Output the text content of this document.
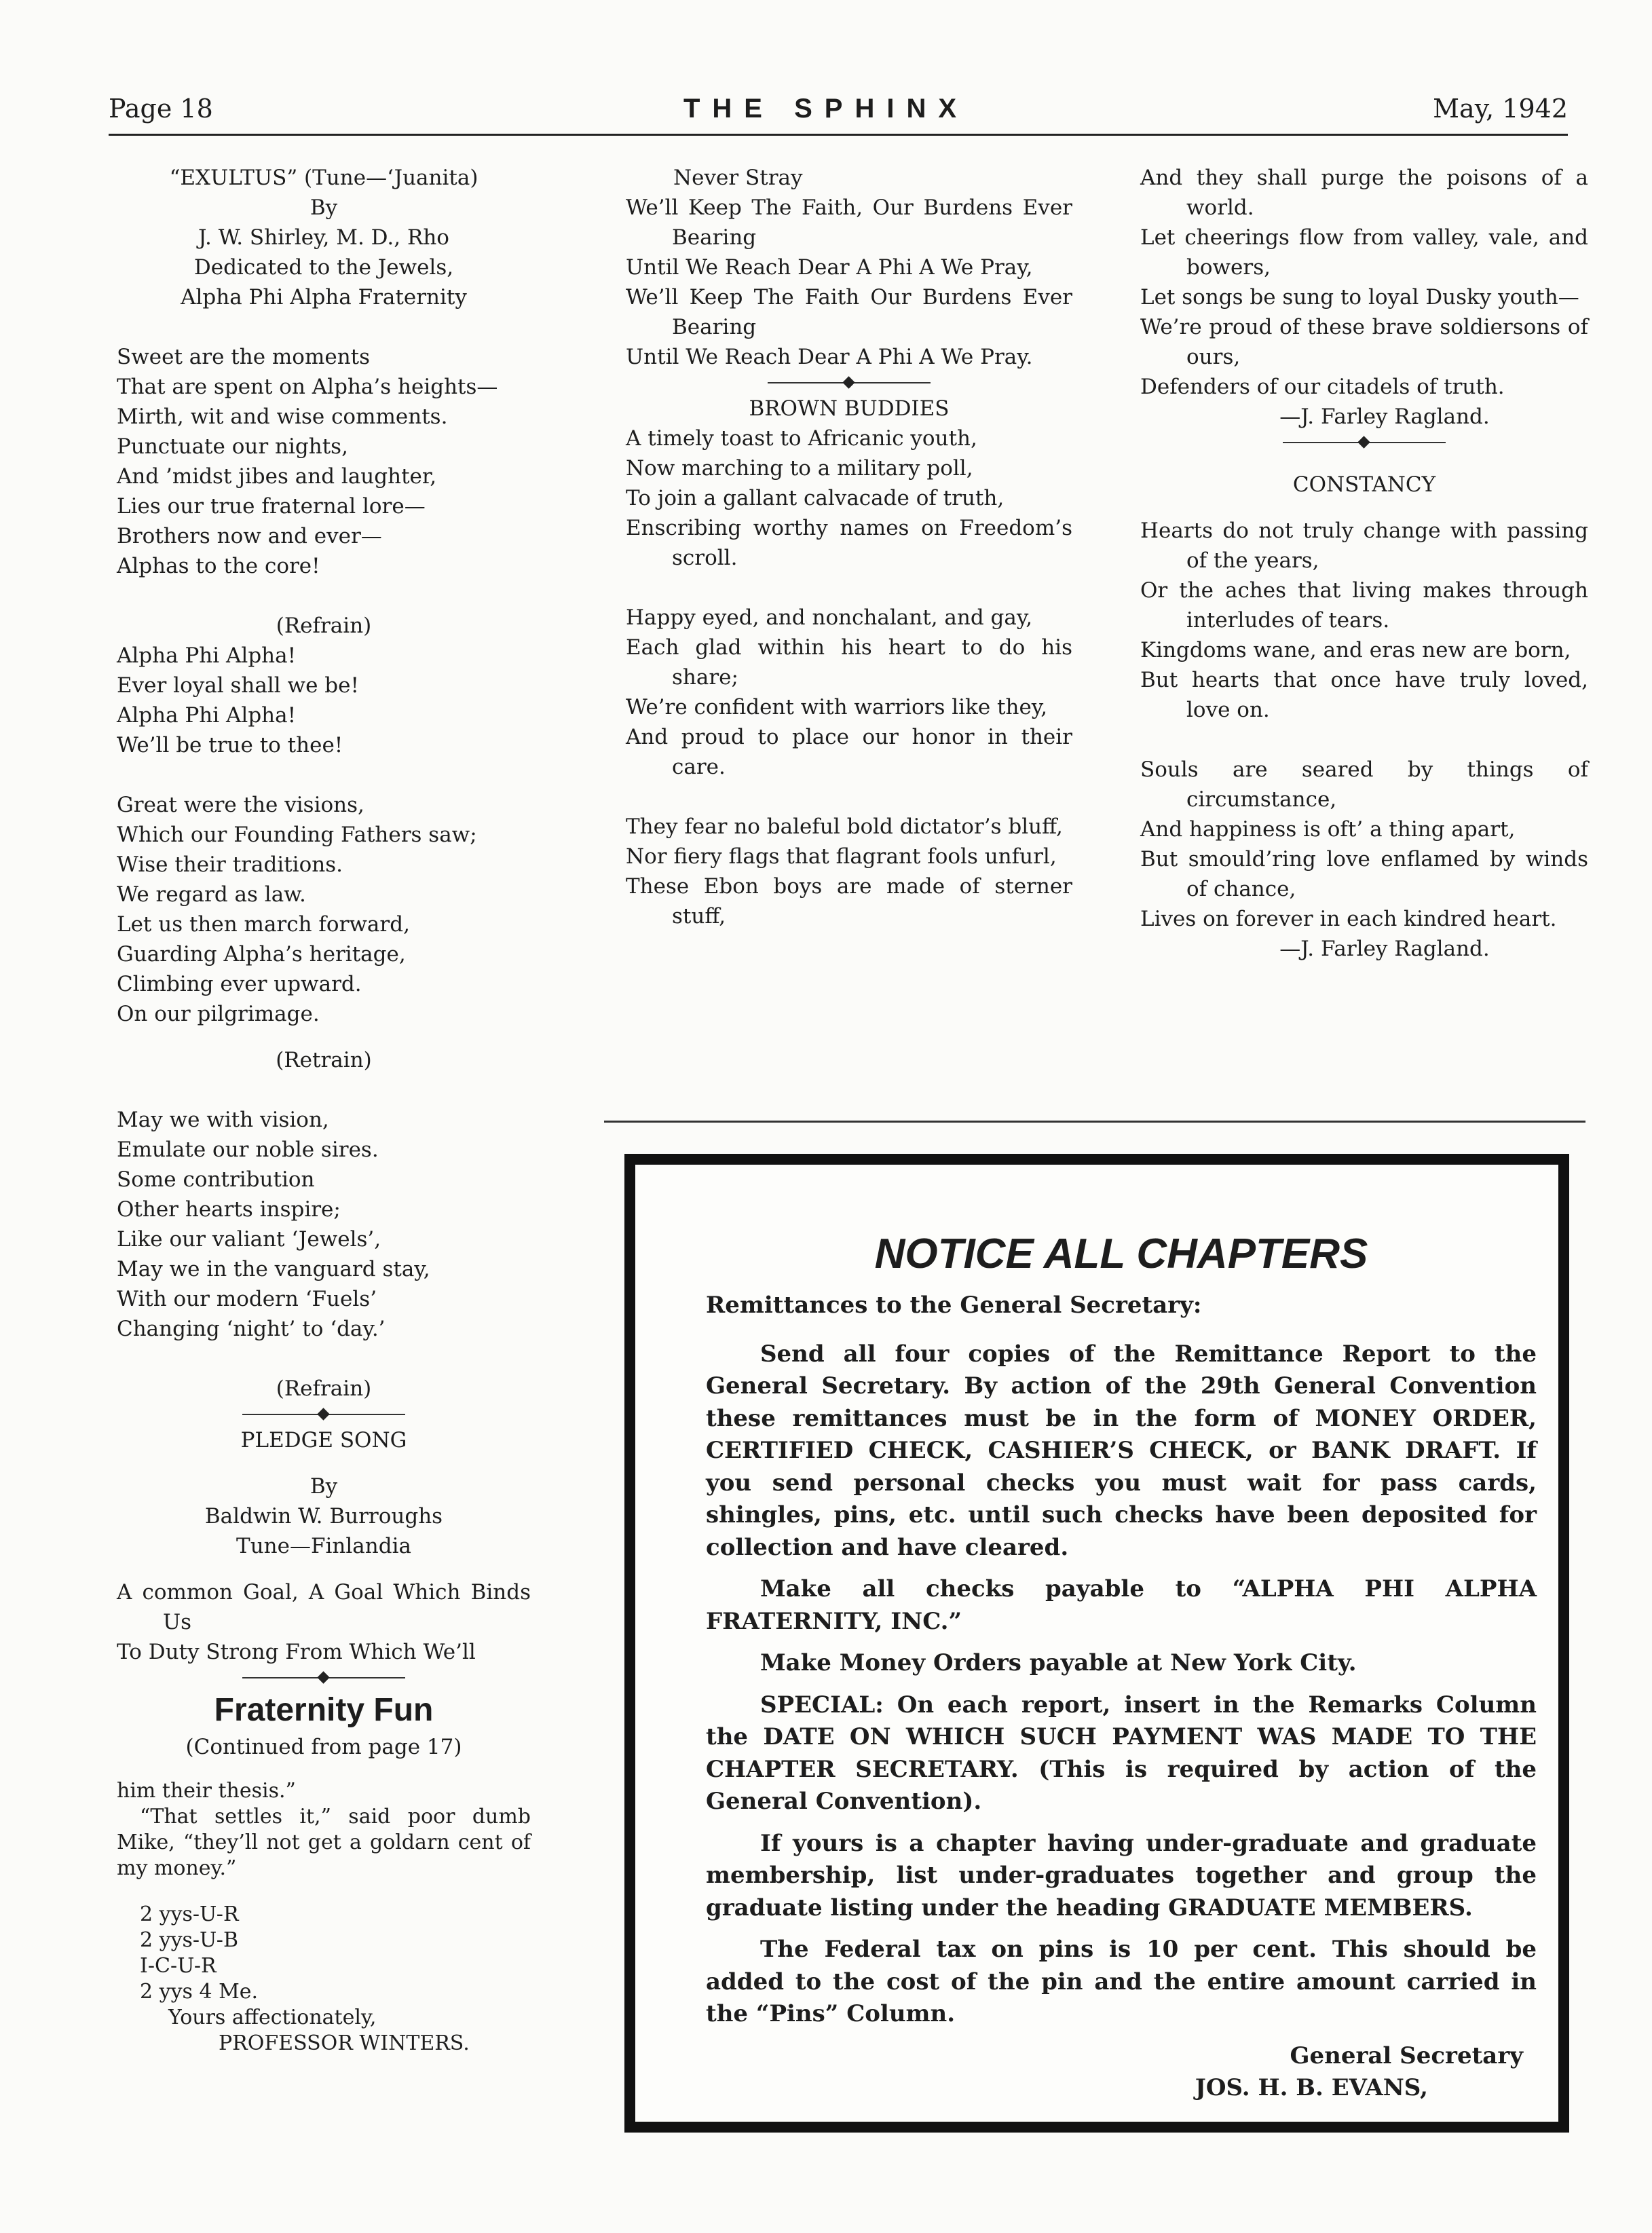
Page 18	THE SPHINX	May, 1942

“EXULTUS” (Tune—‘Juanita)

By

J. W. Shirley, M. D., Rho

Dedicated to the Jewels,

Alpha Phi Alpha Fraternity

Sweet are the moments

That are spent on Alpha’s heights—

Mirth, wit and wise comments.

Punctuate our nights,

And ’midst jibes and laughter,

Lies our true fraternal lore—

Brothers now and ever—

Alphas to the core!

(Refrain)

Alpha Phi Alpha!

Ever loyal shall we be!

Alpha Phi Alpha!

We’ll be true to thee!

Great were the visions,

Which our Founding Fathers saw;

Wise their traditions.

We regard as law.

Let us then march forward,

Guarding Alpha’s heritage,

Climbing ever upward.

On our pilgrimage.

(Retrain)

May we with vision,

Emulate our noble sires.

Some contribution

Other hearts inspire;

Like our valiant ‘Jewels’,

May we in the vanguard stay,

With our modern ‘Fuels’

Changing ‘night’ to ‘day.’

(Refrain)

PLEDGE SONG

By

Baldwin W. Burroughs

Tune—Finlandia

A common Goal, A Goal Which Binds Us

To Duty Strong From Which We’ll

Fraternity Fun

(Continued from page 17)

him their thesis.”

“That settles it,” said poor dumb Mike, “they’ll not get a goldarn cent of my money.”

2 yys-U-R

2 yys-U-B

I-C-U-R

2 yys 4 Me.

Yours affectionately,

PROFESSOR WINTERS.

Never Stray

We’ll Keep The Faith, Our Burdens Ever Bearing

Until We Reach Dear A Phi A We Pray,

We’ll Keep The Faith Our Burdens Ever Bearing

Until We Reach Dear A Phi A We Pray.

BROWN BUDDIES

A timely toast to Africanic youth,

Now marching to a military poll,

To join a gallant calvacade of truth,

Enscribing worthy names on Freedom’s scroll.

Happy eyed, and nonchalant, and gay,

Each glad within his heart to do his share;

We’re confident with warriors like they,

And proud to place our honor in their care.

They fear no baleful bold dictator’s bluff,

Nor fiery flags that flagrant fools unfurl,

These Ebon boys are made of sterner stuff,

And they shall purge the poisons of a world.

Let cheerings flow from valley, vale, and bowers,

Let songs be sung to loyal Dusky youth—

We’re proud of these brave soldiersons of ours,

Defenders of our citadels of truth.

—J. Farley Ragland.

CONSTANCY

Hearts do not truly change with passing of the years,

Or the aches that living makes through interludes of tears.

Kingdoms wane, and eras new are born,

But hearts that once have truly loved, love on.

Souls are seared by things of circumstance,

And happiness is oft’ a thing apart,

But smould’ring love enflamed by winds of chance,

Lives on forever in each kindred heart.

—J. Farley Ragland.

NOTICE ALL CHAPTERS

Remittances to the General Secretary:

Send all four copies of the Remittance Report to the General Secretary. By action of the 29th General Convention these remittances must be in the form of MONEY ORDER, CERTIFIED CHECK, CASHIER’S CHECK, or BANK DRAFT. If you send personal checks you must wait for pass cards, shingles, pins, etc. until such checks have been deposited for collection and have cleared.

Make all checks payable to “ALPHA PHI ALPHA FRATERNITY, INC.”

Make Money Orders payable at New York City.

SPECIAL: On each report, insert in the Remarks Column the DATE ON WHICH SUCH PAYMENT WAS MADE TO THE CHAPTER SECRETARY. (This is required by action of the General Convention).

If yours is a chapter having under-graduate and graduate membership, list under-graduates together and group the graduate listing under the heading GRADUATE MEMBERS.

The Federal tax on pins is 10 per cent. This should be added to the cost of the pin and the entire amount carried in the “Pins” Column.

General Secretary

JOS. H. B. EVANS,
